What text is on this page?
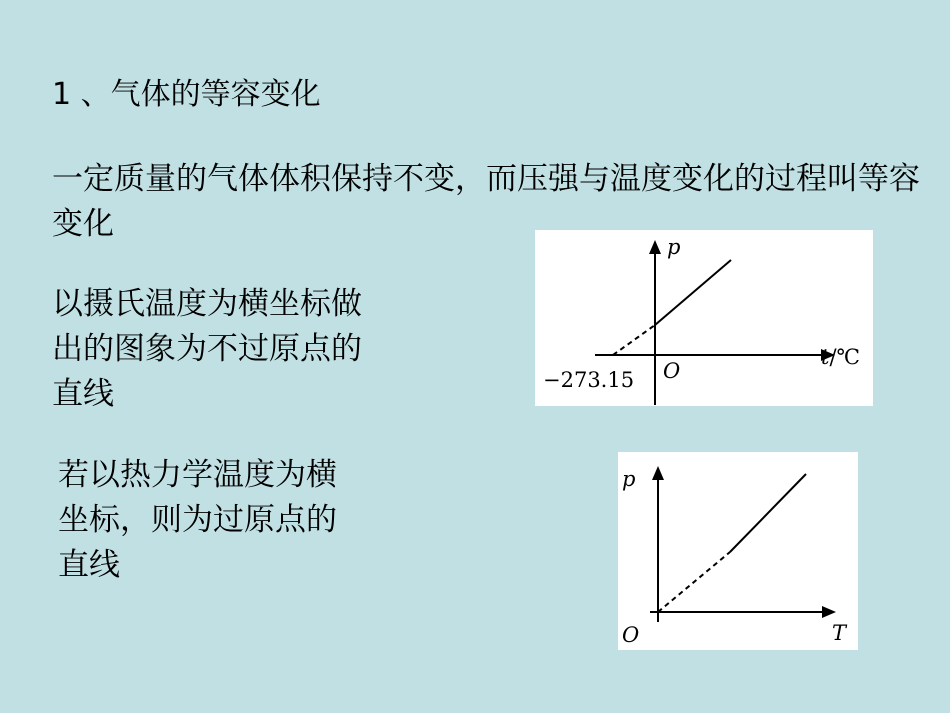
1 、气体的等容变化
一定质量的气体体积保持不变，而压强与温度变化的过程叫等容变化
以摄氏温度为横坐标做出的图象为不过原点的直线
若以热力学温度为横坐标，则为过原点的直线
p
t/℃
O
−273.15
p
T
O
